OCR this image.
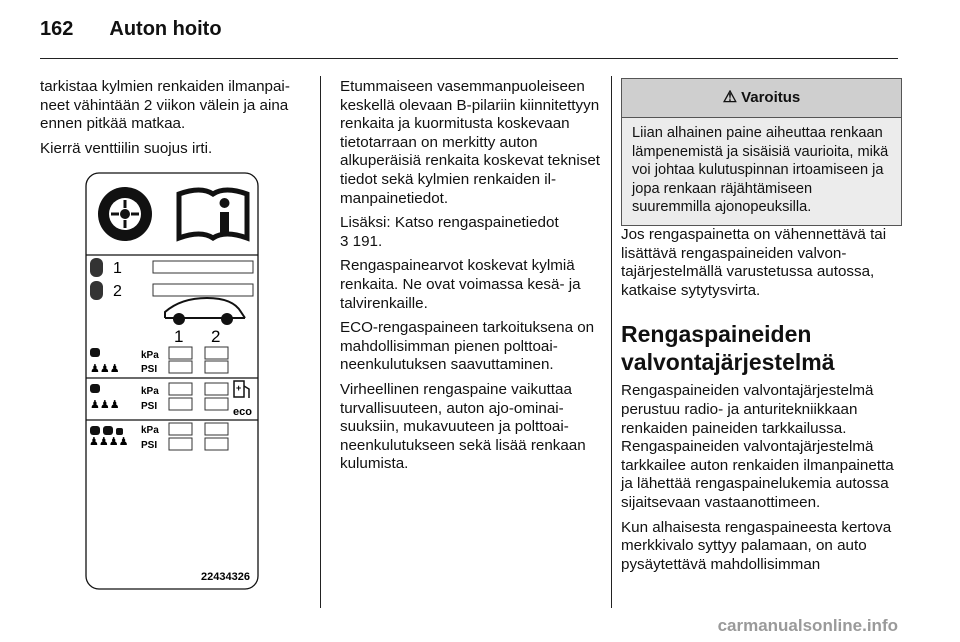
162 Auton hoito

tarkistaa kylmien renkaiden ilmanpaineet vähintään 2 viikon välein ja aina ennen pitkää matkaa.

Kierrä venttiilin suojus irti.

1
2
1 2
♟♟♟
kPa
PSI
♟♟♟
kPa
PSI
+
eco
♟♟♟♟
kPa
PSI
22434326

Etummaiseen vasemmanpuoleiseen keskellä olevaan B-pilariin kiinnitettyyn renkaita ja kuormitusta koskevaan tietotarraan on merkitty auton alkuperäisiä renkaita koskevat tekniset tiedot sekä kylmien renkaiden ilmanpainetiedot.

Lisäksi: Katso rengaspainetiedot

3 191.

Rengaspainearvot koskevat kylmiä renkaita. Ne ovat voimassa kesä- ja talvirenkaille.

ECO-rengaspaineen tarkoituksena on mahdollisimman pienen polttoaineenkulutuksen saavuttaminen.

Virheellinen rengaspaine vaikuttaa turvallisuuteen, auton ajo-ominaisuuksiin, mukavuuteen ja polttoaineenkulutukseen sekä lisää renkaan kulumista.

⚠ Varoitus
Liian alhainen paine aiheuttaa renkaan lämpenemistä ja sisäisiä vaurioita, mikä voi johtaa kulutuspinnan irtoamiseen ja jopa renkaan räjähtämiseen suuremmilla ajonopeuksilla.

Jos rengaspainetta on vähennettävä tai lisättävä rengaspaineiden valvontajärjestelmällä varustetussa autossa, katkaise sytytysvirta.

Rengaspaineiden valvontajärjestelmä

Rengaspaineiden valvontajärjestelmä perustuu radio- ja anturitekniikkaan renkaiden paineiden tarkkailussa. Rengaspaineiden valvontajärjestelmä tarkkailee auton renkaiden ilmanpainetta ja lähettää rengaspainelukemia autossa sijaitsevaan vastaanottimeen.

Kun alhaisesta rengaspaineesta kertova merkkivalo syttyy palamaan, on auto pysäytettävä mahdollisimman

carmanualsonline.info
